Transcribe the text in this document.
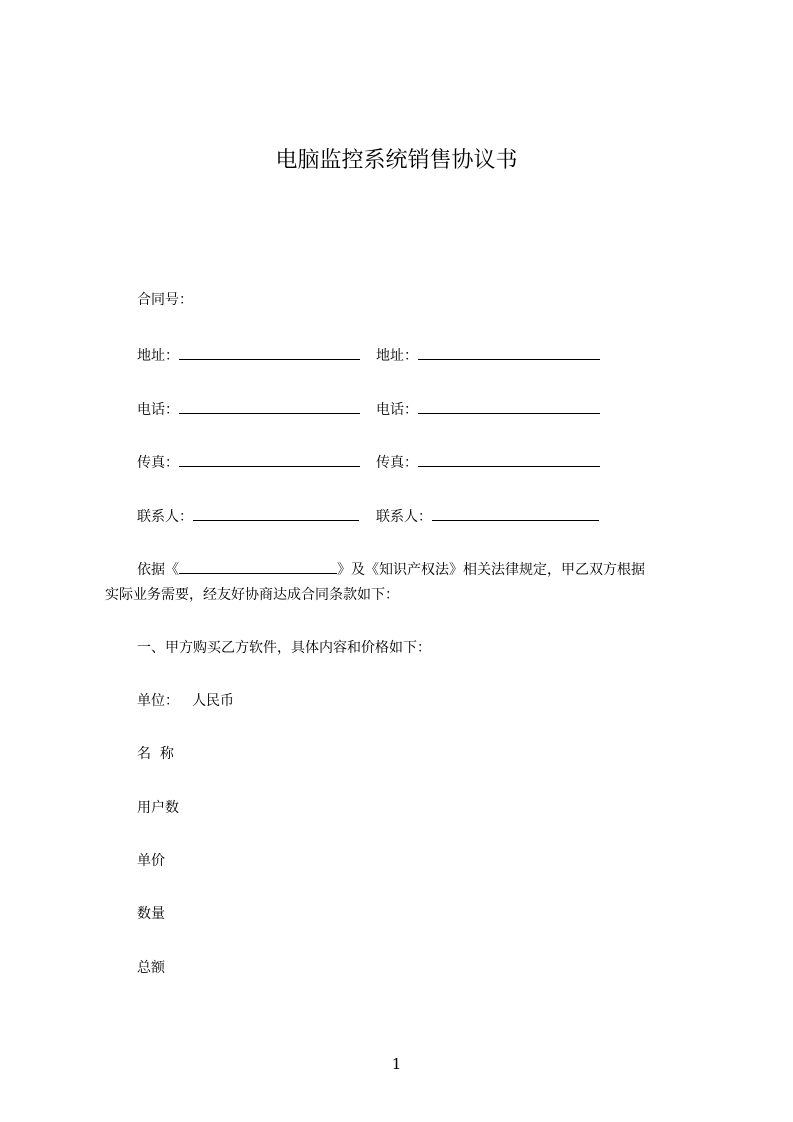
电脑监控系统销售协议书
合同号：
地址：	地址：
电话：	电话：
传真：	传真：
联系人：	联系人：
依据《	》及《知识产权法》相关法律规定，甲乙双方根据
实际业务需要，经友好协商达成合同条款如下：
一、甲方购买乙方软件，具体内容和价格如下：
单位： 人民币
名  称
用户数
单价
数量
总额
1
